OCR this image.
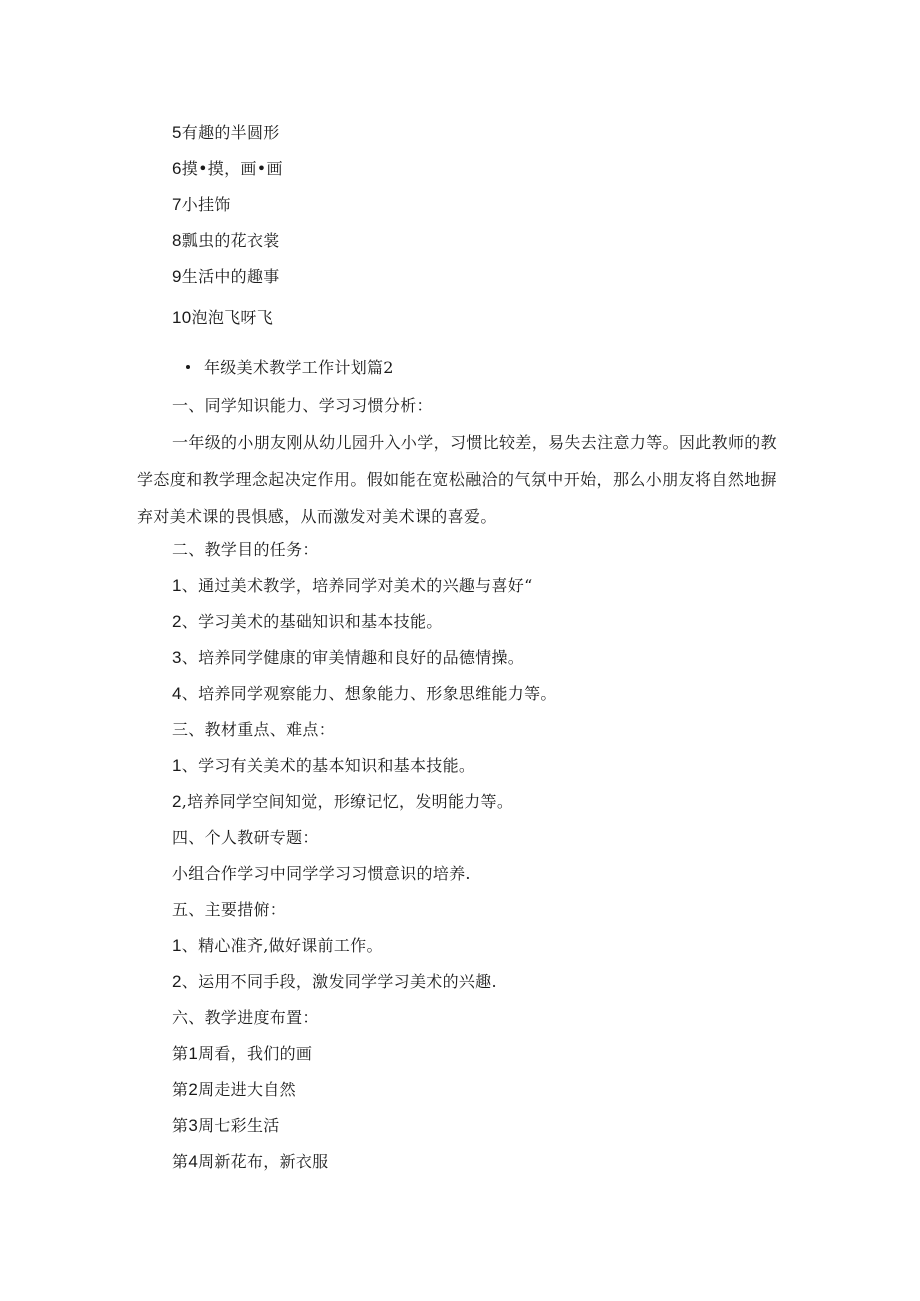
5有趣的半圆形
6摸•摸，画•画
7小挂饰
8瓢虫的花衣裳
9生活中的趣事
10泡泡飞呀飞
年级美术教学工作计划篇2
一、同学知识能力、学习习惯分析：

一年级的小朋友刚从幼儿园升入小学，习惯比较差，易失去注意力等。因此教师的教学态度和教学理念起决定作用。假如能在宽松融洽的气氛中开始，那么小朋友将自然地摒弃对美术课的畏惧感，从而激发对美术课的喜爱。

二、教学目的任务：
1、通过美术教学，培养同学对美术的兴趣与喜好“
2、学习美术的基础知识和基本技能。
3、培养同学健康的审美情趣和良好的品德情操。
4、培养同学观察能力、想象能力、形象思维能力等。
三、教材重点、难点：
1、学习有关美术的基本知识和基本技能。
2,培养同学空间知觉，形缭记忆，发明能力等。
四、个人教研专题：
小组合作学习中同学学习习惯意识的培养.
五、主要措俯：
1、精心准齐,做好课前工作。
2、运用不同手段，激发同学学习美术的兴趣.
六、教学进度布置：
第1周看，我们的画
第2周走进大自然
第3周七彩生活
第4周新花布，新衣服
